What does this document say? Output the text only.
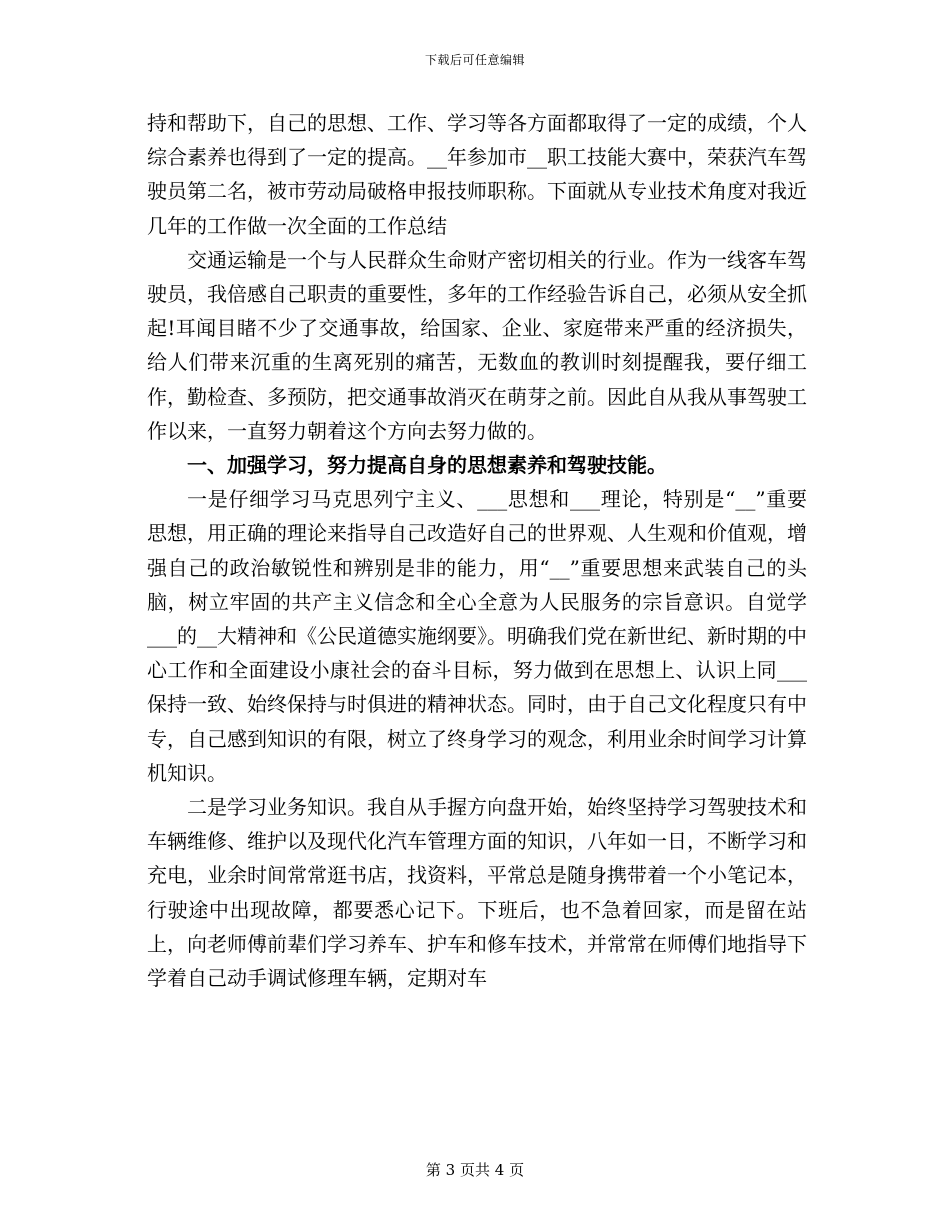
下载后可任意编辑

持和帮助下，自己的思想、工作、学习等各方面都取得了一定的成绩，个人综合素养也得到了一定的提高。__年参加市__职工技能大赛中，荣获汽车驾驶员第二名，被市劳动局破格申报技师职称。下面就从专业技术角度对我近几年的工作做一次全面的工作总结

交通运输是一个与人民群众生命财产密切相关的行业。作为一线客车驾驶员，我倍感自己职责的重要性，多年的工作经验告诉自己，必须从安全抓起!耳闻目睹不少了交通事故，给国家、企业、家庭带来严重的经济损失，给人们带来沉重的生离死别的痛苦，无数血的教训时刻提醒我，要仔细工作，勤检查、多预防，把交通事故消灭在萌芽之前。因此自从我从事驾驶工作以来，一直努力朝着这个方向去努力做的。

一、加强学习，努力提高自身的思想素养和驾驶技能。

一是仔细学习马克思列宁主义、___思想和___理论，特别是“__”重要思想，用正确的理论来指导自己改造好自己的世界观、人生观和价值观，增强自己的政治敏锐性和辨别是非的能力，用“__”重要思想来武装自己的头脑，树立牢固的共产主义信念和全心全意为人民服务的宗旨意识。自觉学___的__大精神和《公民道德实施纲要》。明确我们党在新世纪、新时期的中心工作和全面建设小康社会的奋斗目标，努力做到在思想上、认识上同___保持一致、始终保持与时俱进的精神状态。同时，由于自己文化程度只有中专，自己感到知识的有限，树立了终身学习的观念，利用业余时间学习计算机知识。

二是学习业务知识。我自从手握方向盘开始，始终坚持学习驾驶技术和车辆维修、维护以及现代化汽车管理方面的知识，八年如一日，不断学习和充电，业余时间常常逛书店，找资料，平常总是随身携带着一个小笔记本，行驶途中出现故障，都要悉心记下。下班后，也不急着回家，而是留在站上，向老师傅前辈们学习养车、护车和修车技术，并常常在师傅们地指导下学着自己动手调试修理车辆，定期对车

第 3 页共 4 页
